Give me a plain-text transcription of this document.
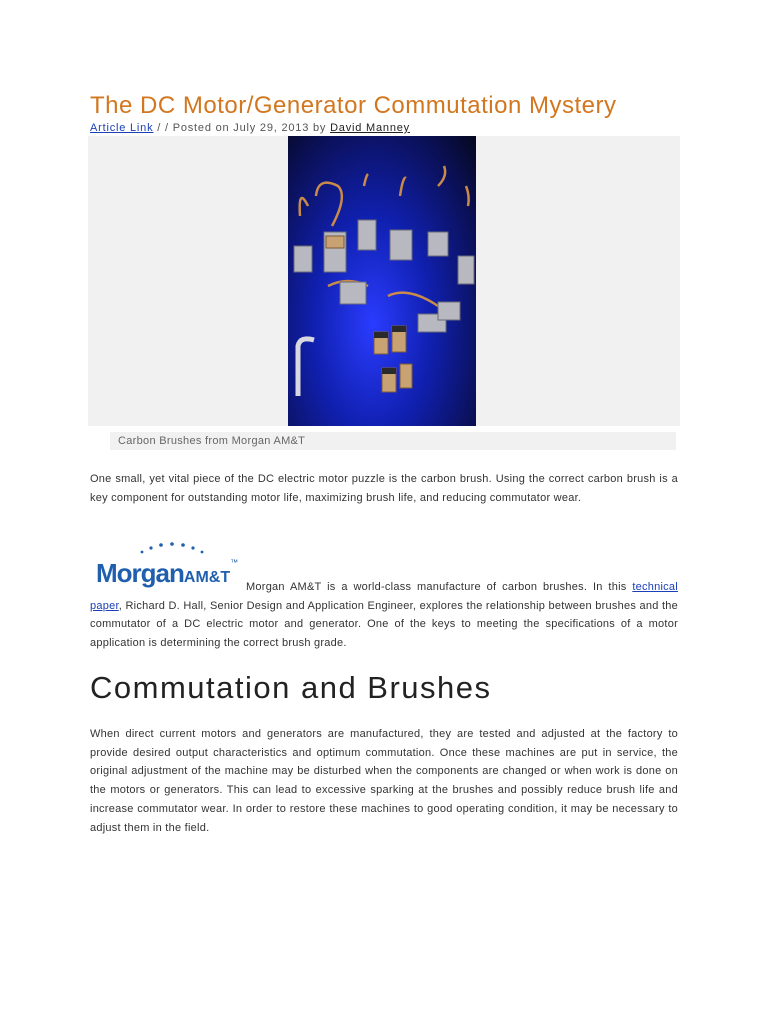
The DC Motor/Generator Commutation Mystery
Article Link / / Posted on July 29, 2013 by David Manney
Carbon Brushes from Morgan AM&T

One small, yet vital piece of the DC electric motor puzzle is the carbon brush. Using the correct carbon brush is a key component for outstanding motor life, maximizing brush life, and reducing commutator wear.

MorganAM&T™

Morgan AM&T is a world-class manufacture of carbon brushes. In this technical paper, Richard D. Hall, Senior Design and Application Engineer, explores the relationship between brushes and the commutator of a DC electric motor and generator. One of the keys to meeting the specifications of a motor application is determining the correct brush grade.

Commutation and Brushes

When direct current motors and generators are manufactured, they are tested and adjusted at the factory to provide desired output characteristics and optimum commutation. Once these machines are put in service, the original adjustment of the machine may be disturbed when the components are changed or when work is done on the motors or generators. This can lead to excessive sparking at the brushes and possibly reduce brush life and increase commutator wear. In order to restore these machines to good operating condition, it may be necessary to adjust them in the field.
